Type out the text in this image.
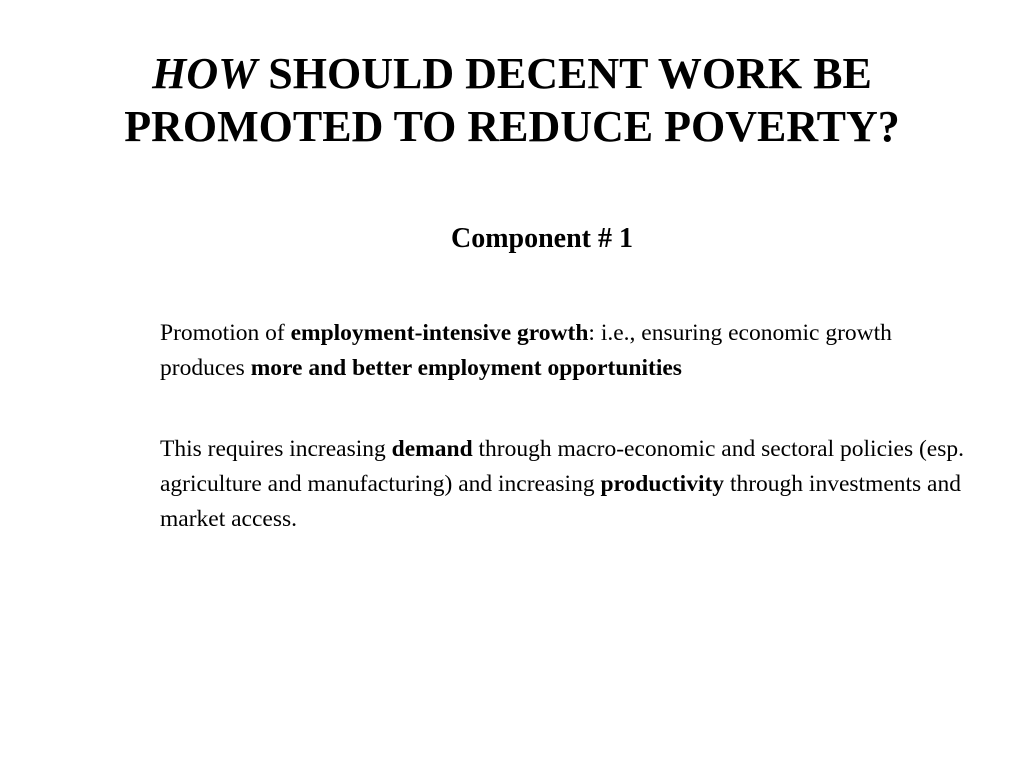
HOW SHOULD DECENT WORK BE
PROMOTED TO REDUCE POVERTY?
Component # 1

Promotion of employment-intensive growth: i.e., ensuring economic growth produces more and better employment opportunities

This requires increasing demand through macro-economic and sectoral policies (esp. agriculture and manufacturing) and increasing productivity through investments and market access.
